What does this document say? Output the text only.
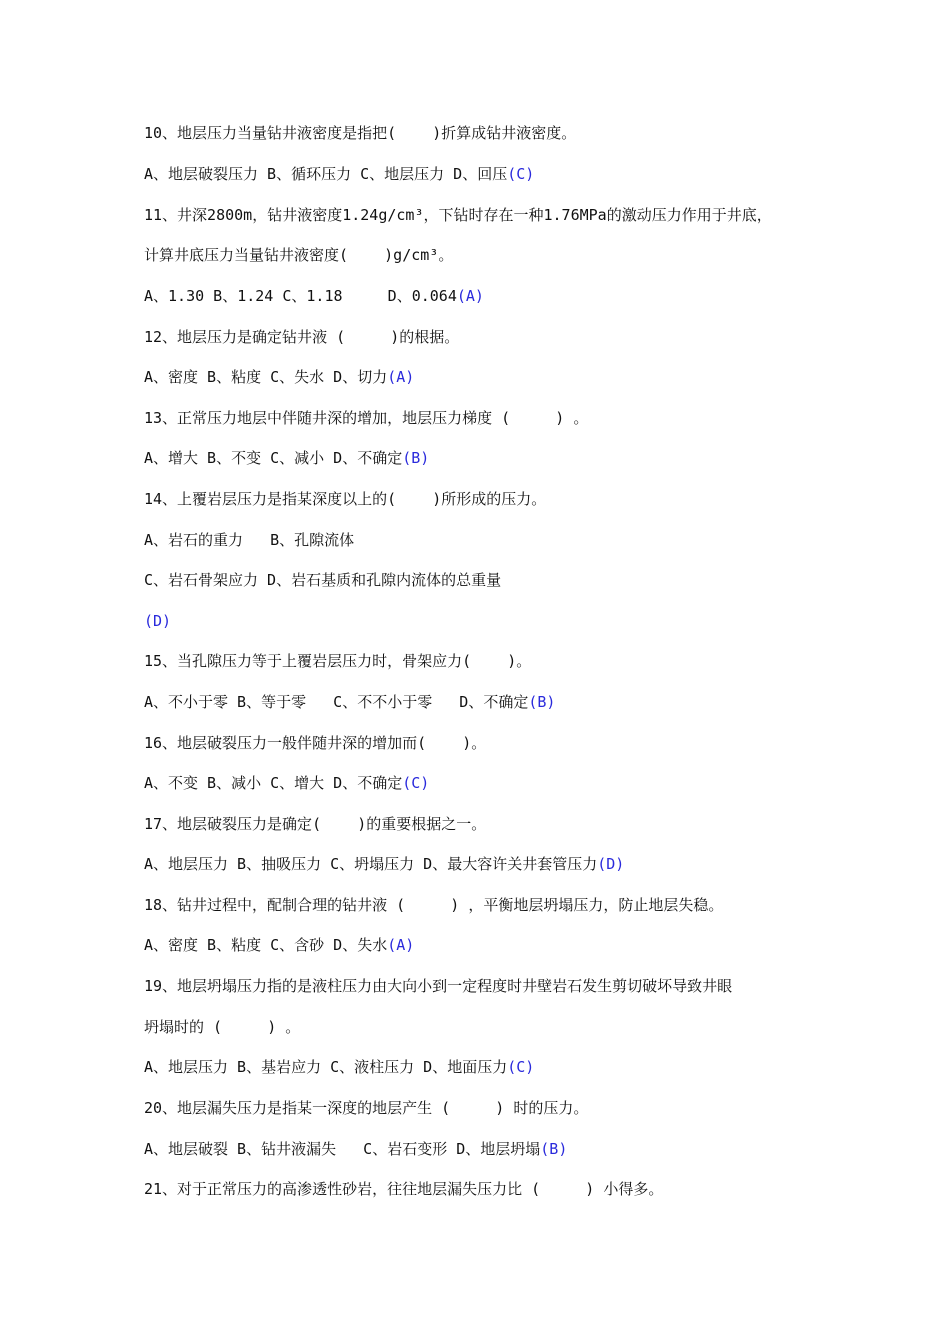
10、地层压力当量钻井液密度是指把(    )折算成钻井液密度。
A、地层破裂压力 B、循环压力 C、地层压力 D、回压(C)
11、井深2800m，钻井液密度1.24g/cm³，下钻时存在一种1.76MPa的激动压力作用于井底，
计算井底压力当量钻井液密度(    )g/cm³。
A、1.30 B、1.24 C、1.18     D、0.064(A)
12、地层压力是确定钻井液 (     )的根据。
A、密度 B、粘度 C、失水 D、切力(A)
13、正常压力地层中伴随井深的增加，地层压力梯度 (     ) 。
A、增大 B、不变 C、减小 D、不确定(B)
14、上覆岩层压力是指某深度以上的(    )所形成的压力。
A、岩石的重力   B、孔隙流体
C、岩石骨架应力 D、岩石基质和孔隙内流体的总重量
(D)
15、当孔隙压力等于上覆岩层压力时，骨架应力(    )。
A、不小于零 B、等于零   C、不不小于零   D、不确定(B)
16、地层破裂压力一般伴随井深的增加而(    )。
A、不变 B、减小 C、增大 D、不确定(C)
17、地层破裂压力是确定(    )的重要根据之一。
A、地层压力 B、抽吸压力 C、坍塌压力 D、最大容许关井套管压力(D)
18、钻井过程中，配制合理的钻井液 (     ) ，平衡地层坍塌压力，防止地层失稳。
A、密度 B、粘度 C、含砂 D、失水(A)
19、地层坍塌压力指的是液柱压力由大向小到一定程度时井壁岩石发生剪切破坏导致井眼
坍塌时的 (     ) 。
A、地层压力 B、基岩应力 C、液柱压力 D、地面压力(C)
20、地层漏失压力是指某一深度的地层产生 (     ) 时的压力。
A、地层破裂 B、钻井液漏失   C、岩石变形 D、地层坍塌(B)
21、对于正常压力的高渗透性砂岩，往往地层漏失压力比 (     ) 小得多。
